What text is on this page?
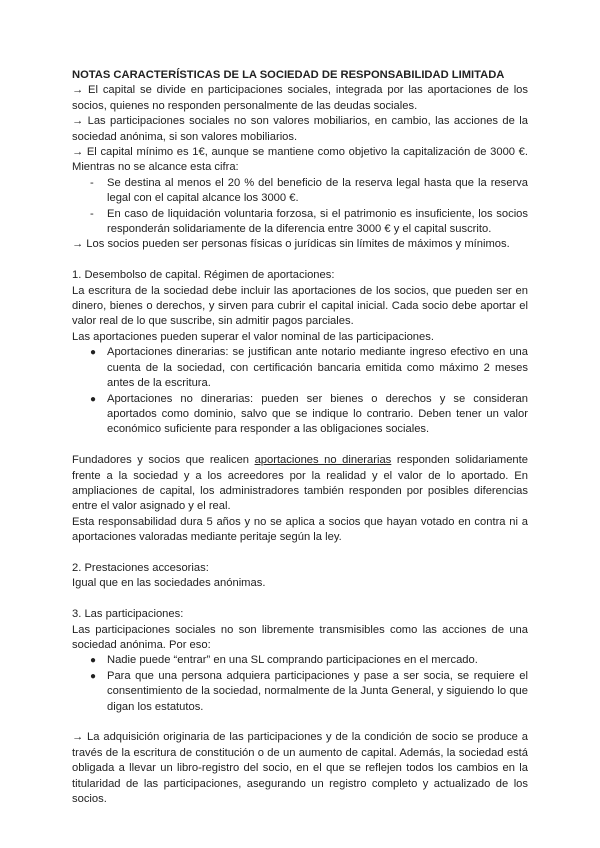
NOTAS CARACTERÍSTICAS DE LA SOCIEDAD DE RESPONSABILIDAD LIMITADA

→ El capital se divide en participaciones sociales, integrada por las aportaciones de los socios, quienes no responden personalmente de las deudas sociales.

→ Las participaciones sociales no son valores mobiliarios, en cambio, las acciones de la sociedad anónima, si son valores mobiliarios.

→ El capital mínimo es 1€, aunque se mantiene como objetivo la capitalización de 3000 €. Mientras no se alcance esta cifra:

- Se destina al menos el 20 % del beneficio de la reserva legal hasta que la reserva legal con el capital alcance los 3000 €.
- En caso de liquidación voluntaria forzosa, si el patrimonio es insuficiente, los socios responderán solidariamente de la diferencia entre 3000 € y el capital suscrito.

→ Los socios pueden ser personas físicas o jurídicas sin límites de máximos y mínimos.

1. Desembolso de capital. Régimen de aportaciones:

La escritura de la sociedad debe incluir las aportaciones de los socios, que pueden ser en dinero, bienes o derechos, y sirven para cubrir el capital inicial. Cada socio debe aportar el valor real de lo que suscribe, sin admitir pagos parciales.

Las aportaciones pueden superar el valor nominal de las participaciones.

● Aportaciones dinerarias: se justifican ante notario mediante ingreso efectivo en una cuenta de la sociedad, con certificación bancaria emitida como máximo 2 meses antes de la escritura.
● Aportaciones no dinerarias: pueden ser bienes o derechos y se consideran aportados como dominio, salvo que se indique lo contrario. Deben tener un valor económico suficiente para responder a las obligaciones sociales.

Fundadores y socios que realicen aportaciones no dinerarias responden solidariamente frente a la sociedad y a los acreedores por la realidad y el valor de lo aportado. En ampliaciones de capital, los administradores también responden por posibles diferencias entre el valor asignado y el real.

Esta responsabilidad dura 5 años y no se aplica a socios que hayan votado en contra ni a aportaciones valoradas mediante peritaje según la ley.

2. Prestaciones accesorias:

Igual que en las sociedades anónimas.

3. Las participaciones:

Las participaciones sociales no son libremente transmisibles como las acciones de una sociedad anónima. Por eso:

● Nadie puede “entrar” en una SL comprando participaciones en el mercado.
● Para que una persona adquiera participaciones y pase a ser socia, se requiere el consentimiento de la sociedad, normalmente de la Junta General, y siguiendo lo que digan los estatutos.

→ La adquisición originaria de las participaciones y de la condición de socio se produce a través de la escritura de constitución o de un aumento de capital. Además, la sociedad está obligada a llevar un libro-registro del socio, en el que se reflejen todos los cambios en la titularidad de las participaciones, asegurando un registro completo y actualizado de los socios.
